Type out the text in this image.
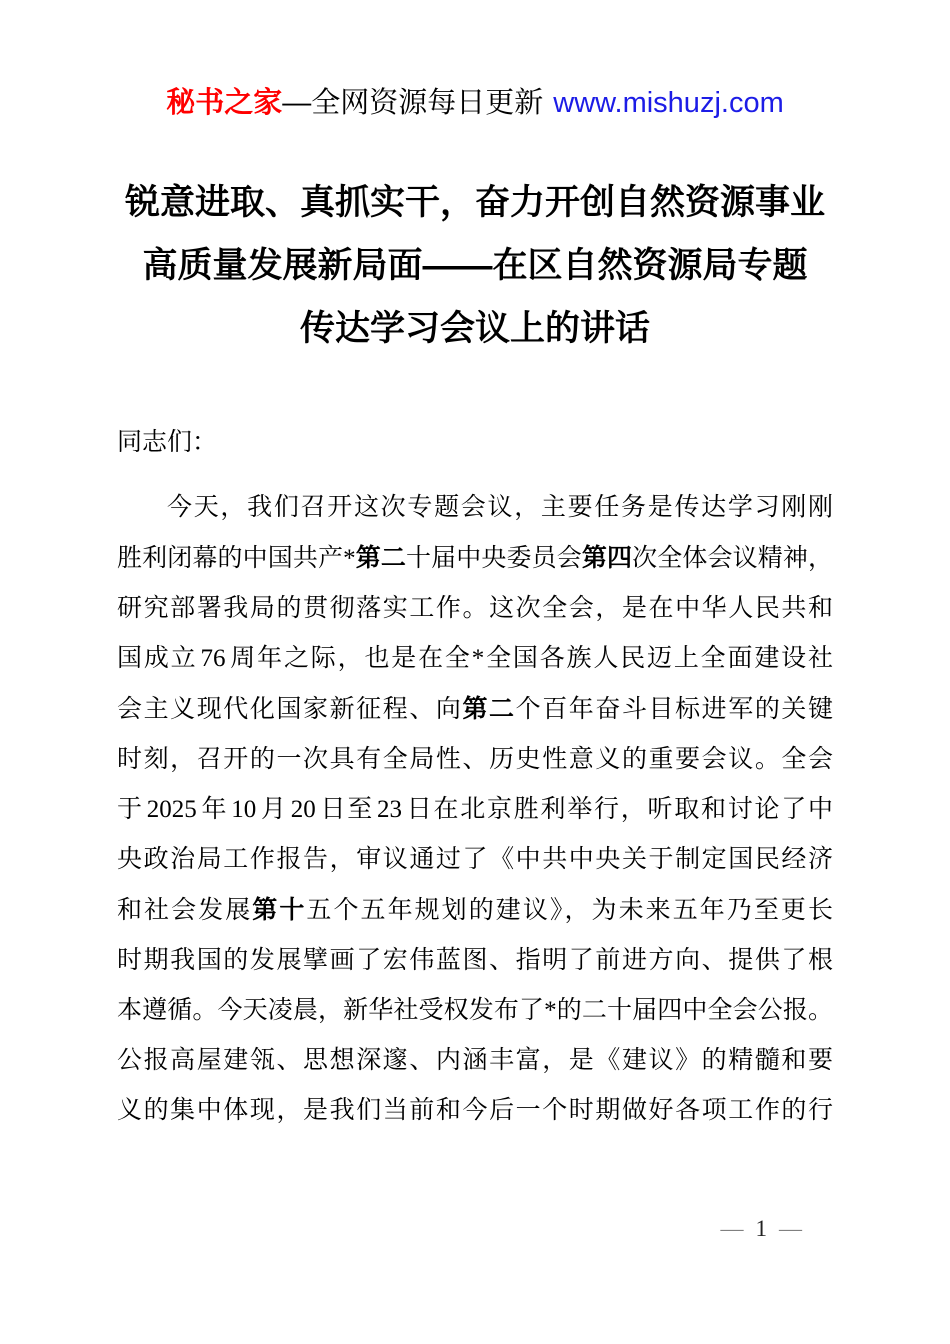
秘书之家—全网资源每日更新 www.mishuzj.com
锐意进取、真抓实干，奋力开创自然资源事业
高质量发展新局面——在区自然资源局专题
传达学习会议上的讲话

同志们：

今天，我们召开这次专题会议，主要任务是传达学习刚刚

胜利闭幕的中国共产*第二十届中央委员会第四次全体会议精神，

研究部署我局的贯彻落实工作。这次全会，是在中华人民共和

国成立 76 周年之际，也是在全*全国各族人民迈上全面建设社

会主义现代化国家新征程、向第二个百年奋斗目标进军的关键

时刻，召开的一次具有全局性、历史性意义的重要会议。全会

于 2025 年 10 月 20 日至 23 日在北京胜利举行，听取和讨论了中

央政治局工作报告，审议通过了《中共中央关于制定国民经济

和社会发展第十五个五年规划的建议》，为未来五年乃至更长

时期我国的发展擘画了宏伟蓝图、指明了前进方向、提供了根

本遵循。今天凌晨，新华社受权发布了*的二十届四中全会公报。

公报高屋建瓴、思想深邃、内涵丰富，是《建议》的精髓和要

义的集中体现，是我们当前和今后一个时期做好各项工作的行

— 1 —
